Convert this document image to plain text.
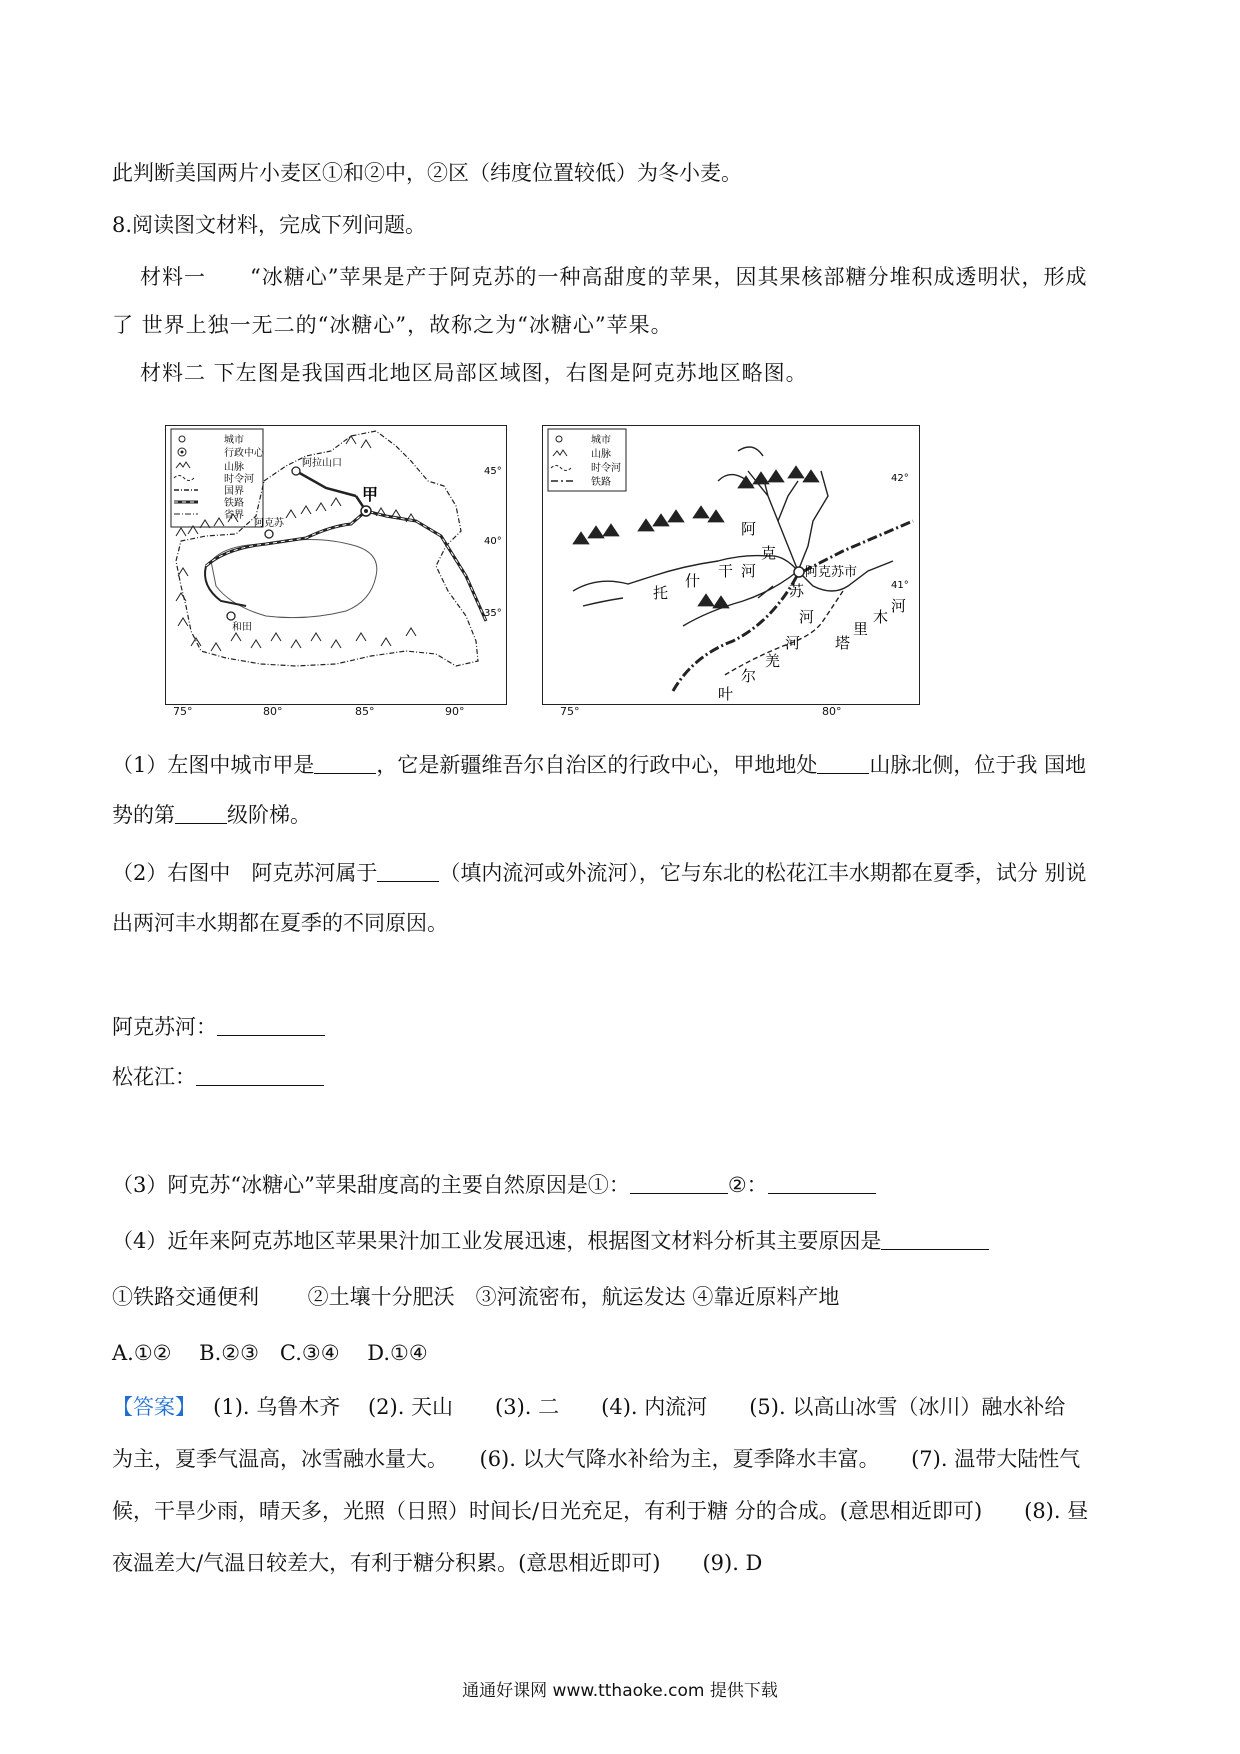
此判断美国两片小麦区①和②中，②区（纬度位置较低）为冬小麦。
8.阅读图文材料，完成下列问题。
材料一　　“冰糖心”苹果是产于阿克苏的一种高甜度的苹果，因其果核部糖分堆积成透明状，形成
了 世界上独一无二的“冰糖心”，故称之为“冰糖心”苹果。
材料二 下左图是我国西北地区局部区域图，右图是阿克苏地区略图。
城市
行政中心
山脉
时令河
国界
铁路
省界
阿拉山口
甲
阿克苏
和田
45°
40°
35°
75°	80°	85°	90°
城市
山脉
时令河
铁路
阿克苏市
阿
克
河
苏
河
托
什
干
塔
里
木
河
叶
尔
羌
河
42°
41°
75°	80°
（1）左图中城市甲是	，它是新疆维吾尔自治区的行政中心，甲地地处 山脉北侧，位于我 国地
势的第 级阶梯。
（2）右图中　阿克苏河属于	（填内流河或外流河），它与东北的松花江丰水期都在夏季，试分 别说
出两河丰水期都在夏季的不同原因。
阿克苏河：
松花江：
（3）阿克苏“冰糖心”苹果甜度高的主要自然原因是①：	②：
（4）近年来阿克苏地区苹果果汁加工业发展迅速，根据图文材料分析其主要原因是
①铁路交通便利　　 ②土壤十分肥沃　③河流密布，航运发达 ④靠近原料产地
A.①②　 B.②③　C.③④　 D.①④
【答案】　 (1). 乌鲁木齐　 (2). 天山　　(3). 二　　(4). 内流河　　(5). 以高山冰雪（冰川）融水补给
为主，夏季气温高，冰雪融水量大。　　(6). 以大气降水补给为主，夏季降水丰富。　　(7). 温带大陆性气
候，干旱少雨，晴天多，光照（日照）时间长/日光充足，有利于糖 分的合成。(意思相近即可)　　(8). 昼
夜温差大/气温日较差大，有利于糖分积累。(意思相近即可)　　(9). D
通通好课网 www.tthaoke.com 提供下载
